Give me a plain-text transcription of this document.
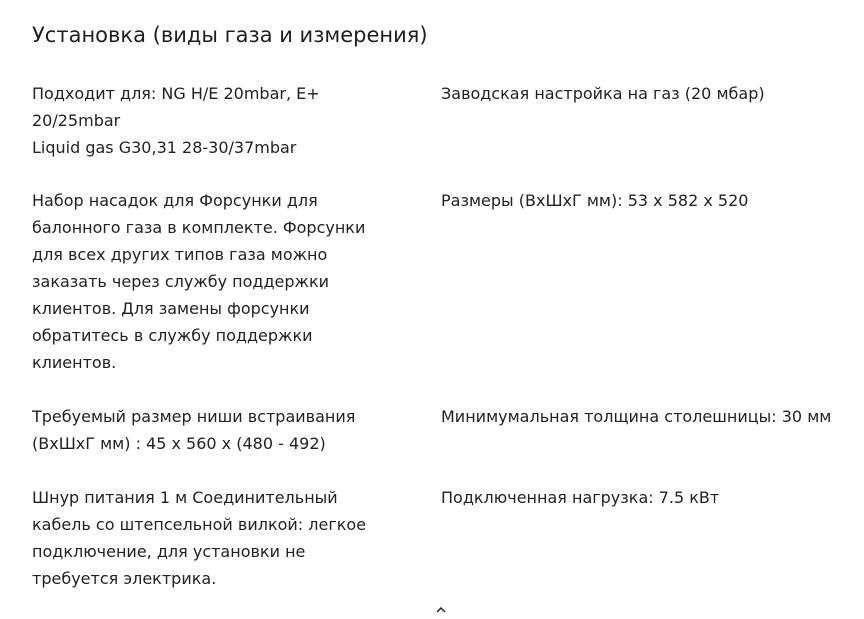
Установка (виды газа и измерения)

Подходит для: NG H/E 20mbar, E+
20/25mbar
Liquid gas G30,31 28-30/37mbar

Заводская настройка на газ (20 мбар)

Набор насадок для Форсунки для
балонного газа в комплекте. Форсунки
для всех других типов газа можно
заказать через службу поддержки
клиентов. Для замены форсунки
обратитесь в службу поддержки
клиентов.

Размеры (ВхШхГ мм): 53 x 582 x 520

Требуемый размер ниши встраивания
(ВхШхГ мм) : 45 x 560 x (480 - 492)

Минимумальная толщина столешницы: 30 мм

Шнур питания 1 м Соединительный
кабель со штепсельной вилкой: легкое
подключение, для установки не
требуется электрика.

Подключенная нагрузка: 7.5 кВт
